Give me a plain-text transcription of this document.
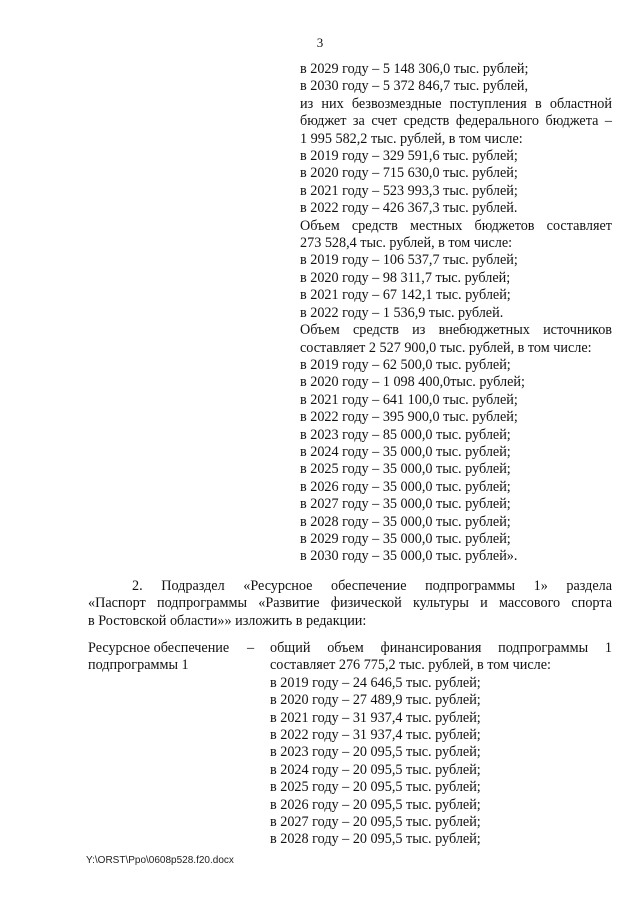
3
в 2029 году – 5 148 306,0 тыс. рублей;
в 2030 году – 5 372 846,7 тыс. рублей,
из них безвозмездные поступления в областной
бюджет за счет средств федерального бюджета –
1 995 582,2 тыс. рублей, в том числе:
в 2019 году – 329 591,6 тыс. рублей;
в 2020 году – 715 630,0 тыс. рублей;
в 2021 году – 523 993,3 тыс. рублей;
в 2022 году – 426 367,3 тыс. рублей.
Объем средств местных бюджетов составляет
273 528,4 тыс. рублей, в том числе:
в 2019 году – 106 537,7 тыс. рублей;
в 2020 году – 98 311,7 тыс. рублей;
в 2021 году – 67 142,1 тыс. рублей;
в 2022 году – 1 536,9 тыс. рублей.
Объем средств из внебюджетных источников
составляет 2 527 900,0 тыс. рублей, в том числе:
в 2019 году – 62 500,0 тыс. рублей;
в 2020 году – 1 098 400,0тыс. рублей;
в 2021 году – 641 100,0 тыс. рублей;
в 2022 году – 395 900,0 тыс. рублей;
в 2023 году – 85 000,0 тыс. рублей;
в 2024 году – 35 000,0 тыс. рублей;
в 2025 году – 35 000,0 тыс. рублей;
в 2026 году – 35 000,0 тыс. рублей;
в 2027 году – 35 000,0 тыс. рублей;
в 2028 году – 35 000,0 тыс. рублей;
в 2029 году – 35 000,0 тыс. рублей;
в 2030 году – 35 000,0 тыс. рублей».
2. Подраздел «Ресурсное обеспечение подпрограммы 1» раздела
«Паспорт подпрограммы «Развитие физической культуры и массового спорта
в Ростовской области»» изложить в редакции:
Ресурсное обеспечение
подпрограммы 1
– общий объем финансирования подпрограммы 1
составляет 276 775,2 тыс. рублей, в том числе:
в 2019 году – 24 646,5 тыс. рублей;
в 2020 году – 27 489,9 тыс. рублей;
в 2021 году – 31 937,4 тыс. рублей;
в 2022 году – 31 937,4 тыс. рублей;
в 2023 году – 20 095,5 тыс. рублей;
в 2024 году – 20 095,5 тыс. рублей;
в 2025 году – 20 095,5 тыс. рублей;
в 2026 году – 20 095,5 тыс. рублей;
в 2027 году – 20 095,5 тыс. рублей;
в 2028 году – 20 095,5 тыс. рублей;
Y:\ORST\Ppo\0608p528.f20.docx
